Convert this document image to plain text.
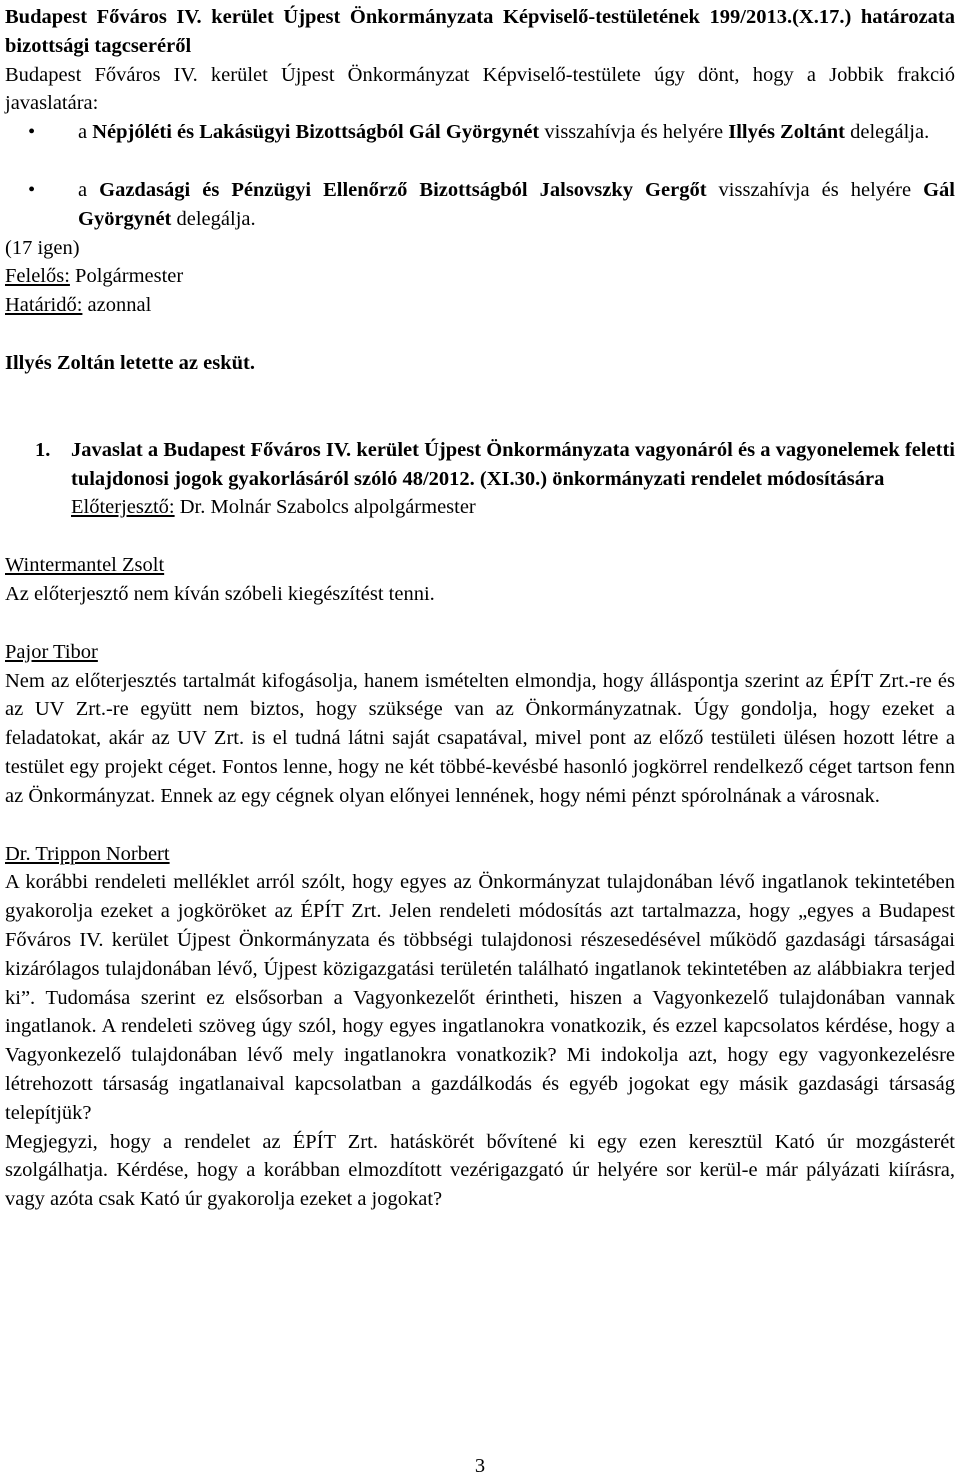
Budapest Főváros IV. kerület Újpest Önkormányzata Képviselő-testületének 199/2013.(X.17.) határozata bizottsági tagcseréről

Budapest Főváros IV. kerület Újpest Önkormányzat Képviselő-testülete úgy dönt, hogy a Jobbik frakció javaslatára:

• a Népjóléti és Lakásügyi Bizottságból Gál Györgynét visszahívja és helyére Illyés Zoltánt delegálja.
• a Gazdasági és Pénzügyi Ellenőrző Bizottságból Jalsovszky Gergőt visszahívja és helyére Gál Györgynét delegálja.

(17 igen)

Felelős: Polgármester

Határidő: azonnal

Illyés Zoltán letette az esküt.

1. Javaslat a Budapest Főváros IV. kerület Újpest Önkormányzata vagyonáról és a vagyonelemek feletti tulajdonosi jogok gyakorlásáról szóló 48/2012. (XI.30.) önkormányzati rendelet módosítására

Előterjesztő: Dr. Molnár Szabolcs alpolgármester

Wintermantel Zsolt

Az előterjesztő nem kíván szóbeli kiegészítést tenni.

Pajor Tibor

Nem az előterjesztés tartalmát kifogásolja, hanem ismételten elmondja, hogy álláspontja szerint az ÉPÍT Zrt.-re és az UV Zrt.-re együtt nem biztos, hogy szüksége van az Önkormányzatnak. Úgy gondolja, hogy ezeket a feladatokat, akár az UV Zrt. is el tudná látni saját csapatával, mivel pont az előző testületi ülésen hozott létre a testület egy projekt céget. Fontos lenne, hogy ne két többé-kevésbé hasonló jogkörrel rendelkező céget tartson fenn az Önkormányzat. Ennek az egy cégnek olyan előnyei lennének, hogy némi pénzt spórolnának a városnak.

Dr. Trippon Norbert

A korábbi rendeleti melléklet arról szólt, hogy egyes az Önkormányzat tulajdonában lévő ingatlanok tekintetében gyakorolja ezeket a jogköröket az ÉPÍT Zrt. Jelen rendeleti módosítás azt tartalmazza, hogy „egyes a Budapest Főváros IV. kerület Újpest Önkormányzata és többségi tulajdonosi részesedésével működő gazdasági társaságai kizárólagos tulajdonában lévő, Újpest közigazgatási területén található ingatlanok tekintetében az alábbiakra terjed ki”. Tudomása szerint ez elsősorban a Vagyonkezelőt érintheti, hiszen a Vagyonkezelő tulajdonában vannak ingatlanok. A rendeleti szöveg úgy szól, hogy egyes ingatlanokra vonatkozik, és ezzel kapcsolatos kérdése, hogy a Vagyonkezelő tulajdonában lévő mely ingatlanokra vonatkozik? Mi indokolja azt, hogy egy vagyonkezelésre létrehozott társaság ingatlanaival kapcsolatban a gazdálkodás és egyéb jogokat egy másik gazdasági társaság telepítjük?

Megjegyzi, hogy a rendelet az ÉPÍT Zrt. hatáskörét bővítené ki egy ezen keresztül Kató úr mozgásterét szolgálhatja. Kérdése, hogy a korábban elmozdított vezérigazgató úr helyére sor kerül-e már pályázati kiírásra, vagy azóta csak Kató úr gyakorolja ezeket a jogokat?

3
